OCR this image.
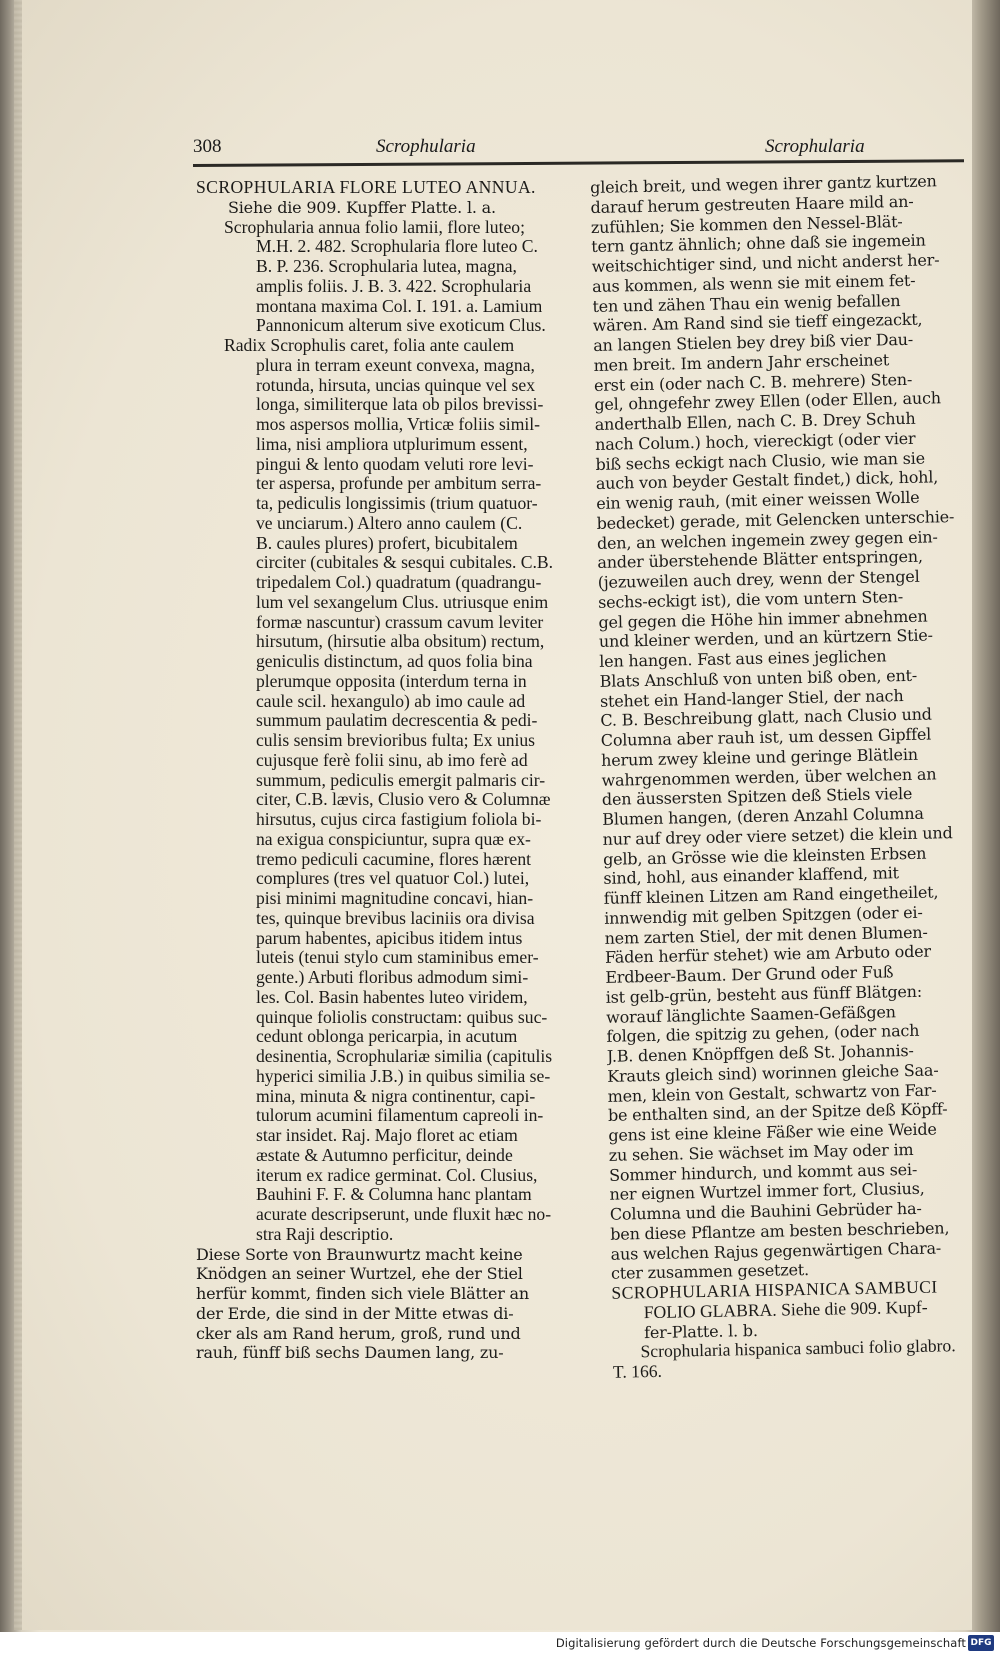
308	Scrophularia	Scrophularia
SCROPHULARIA FLORE LUTEO ANNUA.
Siehe die 909. Kupffer Platte. l. a.
Scrophularia annua folio lamii, flore luteo;
M.H. 2. 482. Scrophularia flore luteo C.
B. P. 236. Scrophularia lutea, magna,
amplis foliis. J. B. 3. 422. Scrophularia
montana maxima Col. I. 191. a. Lamium
Pannonicum alterum sive exoticum Clus.
Radix Scrophulis caret, folia ante caulem
plura in terram exeunt convexa, magna,
rotunda, hirsuta, uncias quinque vel sex
longa, similiterque lata ob pilos brevissi-
mos aspersos mollia, Vrticæ foliis simil-
lima, nisi ampliora utplurimum essent,
pingui & lento quodam veluti rore levi-
ter aspersa, profunde per ambitum serra-
ta, pediculis longissimis (trium quatuor-
ve unciarum.) Altero anno caulem (C.
B. caules plures) profert, bicubitalem
circiter (cubitales & sesqui cubitales. C.B.
tripedalem Col.) quadratum (quadrangu-
lum vel sexangelum Clus. utriusque enim
formæ nascuntur) crassum cavum leviter
hirsutum, (hirsutie alba obsitum) rectum,
geniculis distinctum, ad quos folia bina
plerumque opposita (interdum terna in
caule scil. hexangulo) ab imo caule ad
summum paulatim decrescentia & pedi-
culis sensim brevioribus fulta; Ex unius
cujusque ferè folii sinu, ab imo ferè ad
summum, pediculis emergit palmaris cir-
citer, C.B. lævis, Clusio vero & Columnæ
hirsutus, cujus circa fastigium foliola bi-
na exigua conspiciuntur, supra quæ ex-
tremo pediculi cacumine, flores hærent
complures (tres vel quatuor Col.) lutei,
pisi minimi magnitudine concavi, hian-
tes, quinque brevibus laciniis ora divisa
parum habentes, apicibus itidem intus
luteis (tenui stylo cum staminibus emer-
gente.) Arbuti floribus admodum simi-
les. Col. Basin habentes luteo viridem,
quinque foliolis constructam: quibus suc-
cedunt oblonga pericarpia, in acutum
desinentia, Scrophulariæ similia (capitulis
hyperici similia J.B.) in quibus similia se-
mina, minuta & nigra continentur, capi-
tulorum acumini filamentum capreoli in-
star insidet. Raj. Majo floret ac etiam
æstate & Autumno perficitur, deinde
iterum ex radice germinat. Col. Clusius,
Bauhini F. F. & Columna hanc plantam
acurate descripserunt, unde fluxit hæc no-
stra Raji descriptio.
Diese Sorte von Braunwurtz macht keine
Knödgen an seiner Wurtzel, ehe der Stiel
herfür kommt, finden sich viele Blätter an
der Erde, die sind in der Mitte etwas di-
cker als am Rand herum, groß, rund und
rauh, fünff biß sechs Daumen lang, zu-
gleich breit, und wegen ihrer gantz kurtzen
darauf herum gestreuten Haare mild an-
zufühlen; Sie kommen den Nessel-Blät-
tern gantz ähnlich; ohne daß sie ingemein
weitschichtiger sind, und nicht anderst her-
aus kommen, als wenn sie mit einem fet-
ten und zähen Thau ein wenig befallen
wären. Am Rand sind sie tieff eingezackt,
an langen Stielen bey drey biß vier Dau-
men breit. Im andern Jahr erscheinet
erst ein (oder nach C. B. mehrere) Sten-
gel, ohngefehr zwey Ellen (oder Ellen, auch
anderthalb Ellen, nach C. B. Drey Schuh
nach Colum.) hoch, viereckigt (oder vier
biß sechs eckigt nach Clusio, wie man sie
auch von beyder Gestalt findet,) dick, hohl,
ein wenig rauh, (mit einer weissen Wolle
bedecket) gerade, mit Gelencken unterschie-
den, an welchen ingemein zwey gegen ein-
ander überstehende Blätter entspringen,
(jezuweilen auch drey, wenn der Stengel
sechs-eckigt ist), die vom untern Sten-
gel gegen die Höhe hin immer abnehmen
und kleiner werden, und an kürtzern Stie-
len hangen. Fast aus eines jeglichen
Blats Anschluß von unten biß oben, ent-
stehet ein Hand-langer Stiel, der nach
C. B. Beschreibung glatt, nach Clusio und
Columna aber rauh ist, um dessen Gipffel
herum zwey kleine und geringe Blätlein
wahrgenommen werden, über welchen an
den äussersten Spitzen deß Stiels viele
Blumen hangen, (deren Anzahl Columna
nur auf drey oder viere setzet) die klein und
gelb, an Grösse wie die kleinsten Erbsen
sind, hohl, aus einander klaffend, mit
fünff kleinen Litzen am Rand eingetheilet,
innwendig mit gelben Spitzgen (oder ei-
nem zarten Stiel, der mit denen Blumen-
Fäden herfür stehet) wie am Arbuto oder
Erdbeer-Baum. Der Grund oder Fuß
ist gelb-grün, besteht aus fünff Blätgen:
worauf länglichte Saamen-Gefäßgen
folgen, die spitzig zu gehen, (oder nach
J.B. denen Knöpffgen deß St. Johannis-
Krauts gleich sind) worinnen gleiche Saa-
men, klein von Gestalt, schwartz von Far-
be enthalten sind, an der Spitze deß Köpff-
gens ist eine kleine Fäßer wie eine Weide
zu sehen. Sie wächset im May oder im
Sommer hindurch, und kommt aus sei-
ner eignen Wurtzel immer fort, Clusius,
Columna und die Bauhini Gebrüder ha-
ben diese Pflantze am besten beschrieben,
aus welchen Rajus gegenwärtigen Chara-
cter zusammen gesetzet.
SCROPHULARIA HISPANICA SAMBUCI
FOLIO GLABRA. Siehe die 909. Kupf-
fer-Platte. l. b.
Scrophularia hispanica sambuci folio glabro.
T. 166.
Digitalisierung gefördert durch die Deutsche Forschungsgemeinschaft DFG
